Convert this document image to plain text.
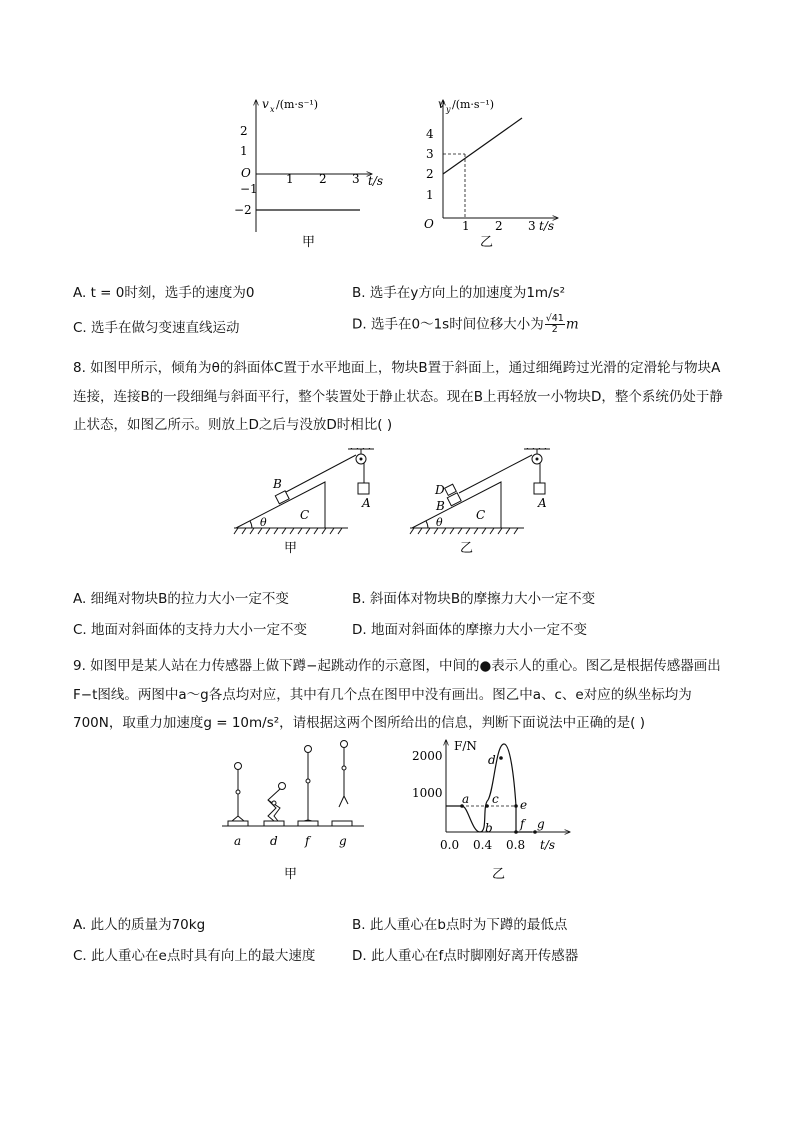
v x /(m·s⁻¹)
2
1
−1
−2
O	1 2 3 t/s
甲
v y /(m·s⁻¹)
4
3
2
1
O 1 2 3 t/s
乙
A. t = 0时刻，选手的速度为0	B. 选手在y方向上的加速度为1m/s²
C. 选手在做匀变速直线运动	D. 选手在0～1s时间位移大小为 $\frac{√41}{2}$ m
8. 如图甲所示，倾角为θ的斜面体C置于水平地面上，物块B置于斜面上，通过细绳跨过光滑的定滑轮与物块A连接，连接B的一段细绳与斜面平行，整个装置处于静止状态。现在B上再轻放一小物块D，整个系统仍处于静止状态，如图乙所示。则放上D之后与没放D时相比( )
B
C
A
θ
甲
D
B
C
A
θ
乙
A. 细绳对物块B的拉力大小一定不变	B. 斜面体对物块B的摩擦力大小一定不变
C. 地面对斜面体的支持力大小一定不变	D. 地面对斜面体的摩擦力大小一定不变
9. 如图甲是某人站在力传感器上做下蹲−起跳动作的示意图，中间的●表示人的重心。图乙是根据传感器画出F−t图线。两图中a～g各点均对应，其中有几个点在图甲中没有画出。图乙中a、c、e对应的纵坐标均为700N，取重力加速度g = 10m/s²，请根据这两个图所给出的信息，判断下面说法中正确的是( )
a d f g
甲
F/N
2000
1000
0.0 0.4 0.8 t/s
a
b
c
d
e
f g
乙
A. 此人的质量为70kg	B. 此人重心在b点时为下蹲的最低点
C. 此人重心在e点时具有向上的最大速度	D. 此人重心在f点时脚刚好离开传感器
